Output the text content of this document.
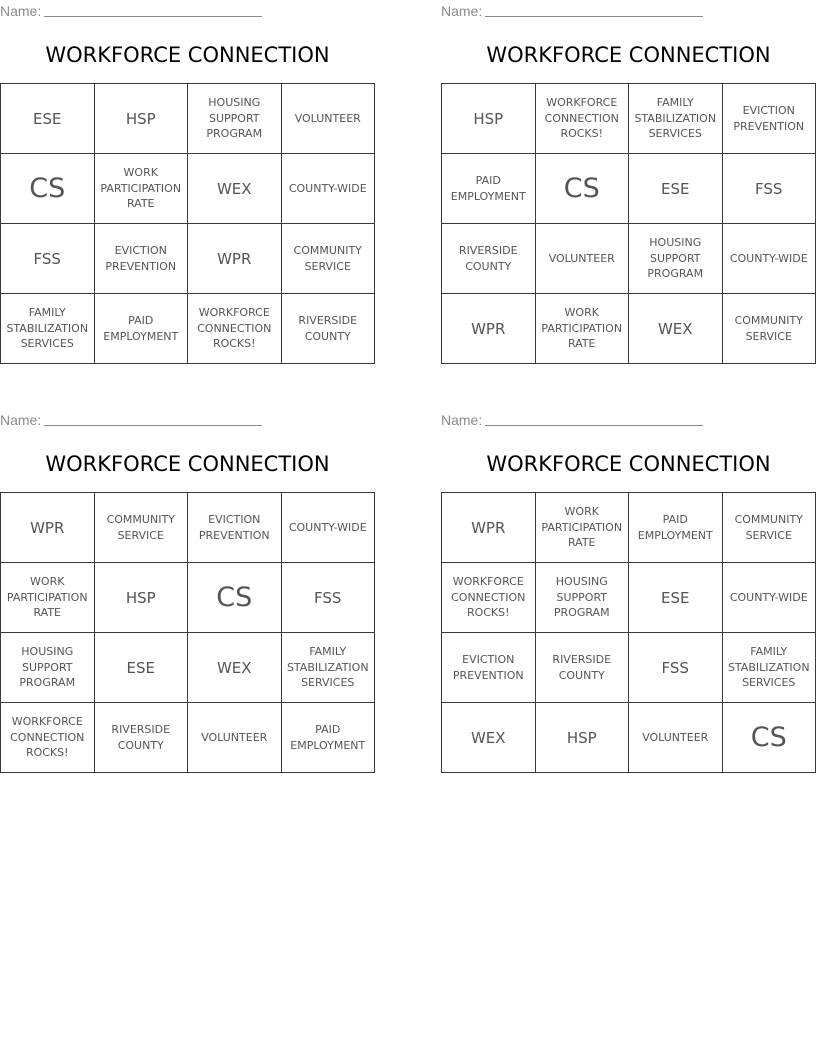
Name:
WORKFORCE CONNECTION
ESE	HSP	HOUSING SUPPORT PROGRAM	VOLUNTEER
CS	WORK PARTICIPATION RATE	WEX	COUNTY-WIDE
FSS	EVICTION PREVENTION	WPR	COMMUNITY SERVICE
FAMILY STABILIZATION SERVICES	PAID EMPLOYMENT	WORKFORCE CONNECTION ROCKS!	RIVERSIDE COUNTY
Name:
WORKFORCE CONNECTION
HSP	WORKFORCE CONNECTION ROCKS!	FAMILY STABILIZATION SERVICES	EVICTION PREVENTION
PAID EMPLOYMENT	CS	ESE	FSS
RIVERSIDE COUNTY	VOLUNTEER	HOUSING SUPPORT PROGRAM	COUNTY-WIDE
WPR	WORK PARTICIPATION RATE	WEX	COMMUNITY SERVICE
Name:
WORKFORCE CONNECTION
WPR	COMMUNITY SERVICE	EVICTION PREVENTION	COUNTY-WIDE
WORK PARTICIPATION RATE	HSP	CS	FSS
HOUSING SUPPORT PROGRAM	ESE	WEX	FAMILY STABILIZATION SERVICES
WORKFORCE CONNECTION ROCKS!	RIVERSIDE COUNTY	VOLUNTEER	PAID EMPLOYMENT
Name:
WORKFORCE CONNECTION
WPR	WORK PARTICIPATION RATE	PAID EMPLOYMENT	COMMUNITY SERVICE
WORKFORCE CONNECTION ROCKS!	HOUSING SUPPORT PROGRAM	ESE	COUNTY-WIDE
EVICTION PREVENTION	RIVERSIDE COUNTY	FSS	FAMILY STABILIZATION SERVICES
WEX	HSP	VOLUNTEER	CS
